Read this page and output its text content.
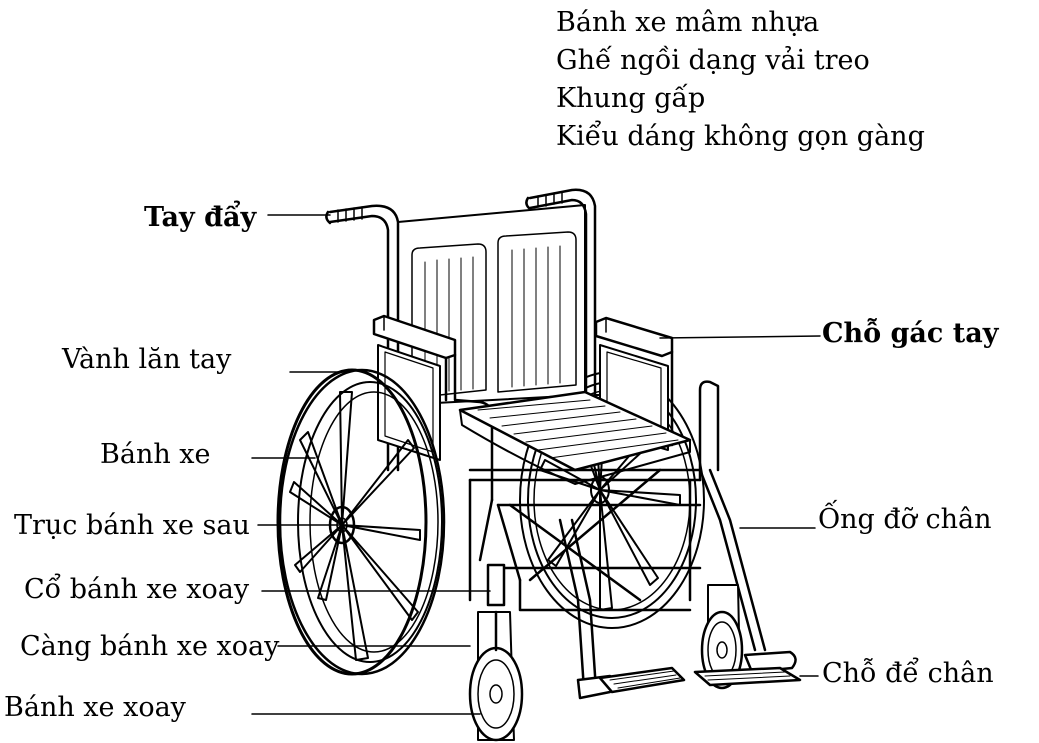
Bánh xe mâm nhựa
Ghế ngồi dạng vải treo
Khung gấp
Kiểu dáng không gọn gàng
Tay đẩy
Chỗ gác tay
Vành lăn tay
Bánh xe
Trục bánh xe sau
Cổ bánh xe xoay
Càng bánh xe xoay
Bánh xe xoay
Ống đỡ chân
Chỗ để chân
